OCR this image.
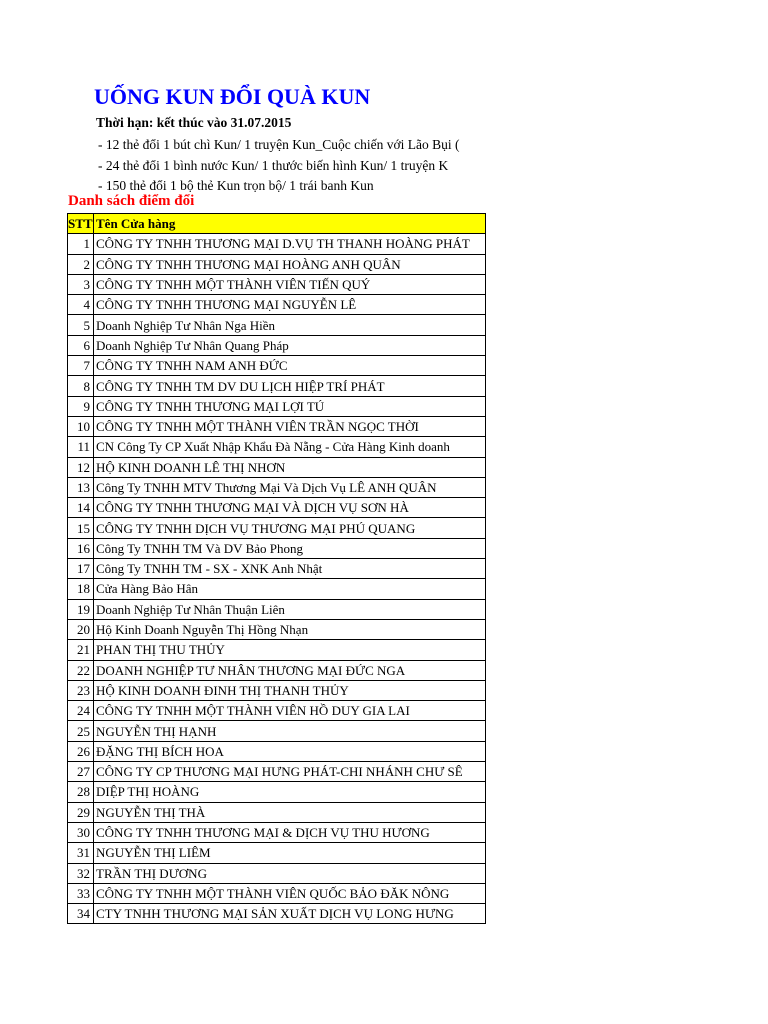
UỐNG KUN ĐỔI QUÀ KUN
Thời hạn: kết thúc vào 31.07.2015
- 12 thẻ đổi 1 bút chì Kun/ 1 truyện Kun_Cuộc chiến với Lão Bụi (
- 24 thẻ đổi 1 bình nước Kun/ 1 thước biến hình Kun/ 1 truyện K
- 150 thẻ đổi 1 bộ thẻ Kun trọn bộ/ 1 trái banh Kun
Danh sách điểm đổi
STT	Tên Cửa hàng
1	CÔNG TY TNHH THƯƠNG MẠI D.VỤ TH THANH HOÀNG PHÁT
2	CÔNG TY TNHH THƯƠNG MẠI HOÀNG ANH QUÂN
3	CÔNG TY TNHH MỘT THÀNH VIÊN TIẾN QUÝ
4	CÔNG TY TNHH THƯƠNG MẠI NGUYỄN LÊ
5	Doanh Nghiệp Tư Nhân Nga Hiền
6	Doanh Nghiệp Tư Nhân Quang Pháp
7	CÔNG TY TNHH NAM ANH ĐỨC
8	CÔNG TY TNHH TM DV DU LỊCH HIỆP TRÍ PHÁT
9	CÔNG TY TNHH THƯƠNG MẠI LỢI TÚ
10	CÔNG TY TNHH MỘT THÀNH VIÊN TRẦN NGỌC THỜI
11	CN Công Ty CP Xuất Nhập Khẩu Đà Nẵng - Cửa Hàng Kinh doanh
12	HỘ KINH DOANH LÊ THỊ NHƠN
13	Công Ty TNHH MTV Thương Mại Và Dịch Vụ LÊ ANH QUÂN
14	CÔNG TY TNHH THƯƠNG MẠI VÀ DỊCH VỤ SƠN HÀ
15	CÔNG TY TNHH DỊCH VỤ THƯƠNG MẠI PHÚ QUANG
16	Công Ty TNHH TM Và DV Bảo Phong
17	Công Ty TNHH TM - SX - XNK Anh Nhật
18	Cửa Hàng Bảo Hân
19	Doanh Nghiệp Tư Nhân Thuận Liên
20	Hộ Kinh Doanh Nguyễn Thị Hồng Nhạn
21	PHAN THỊ THU THỦY
22	DOANH NGHIỆP TƯ NHÂN THƯƠNG MẠI ĐỨC NGA
23	HỘ KINH DOANH ĐINH THỊ THANH THỦY
24	CÔNG TY TNHH MỘT THÀNH VIÊN HỒ DUY GIA LAI
25	NGUYỄN THỊ HẠNH
26	ĐẶNG THỊ BÍCH HOA
27	CÔNG TY CP THƯƠNG MẠI HƯNG PHÁT-CHI NHÁNH CHƯ SÊ
28	DIỆP THỊ HOÀNG
29	NGUYỄN THỊ THÀ
30	CÔNG TY TNHH THƯƠNG MẠI & DỊCH VỤ THU HƯƠNG
31	NGUYỄN THỊ LIÊM
32	TRẦN THỊ DƯƠNG
33	CÔNG TY TNHH MỘT THÀNH VIÊN QUỐC BẢO ĐĂK NÔNG
34	CTY TNHH THƯƠNG MẠI SẢN XUẤT DỊCH VỤ LONG HƯNG
